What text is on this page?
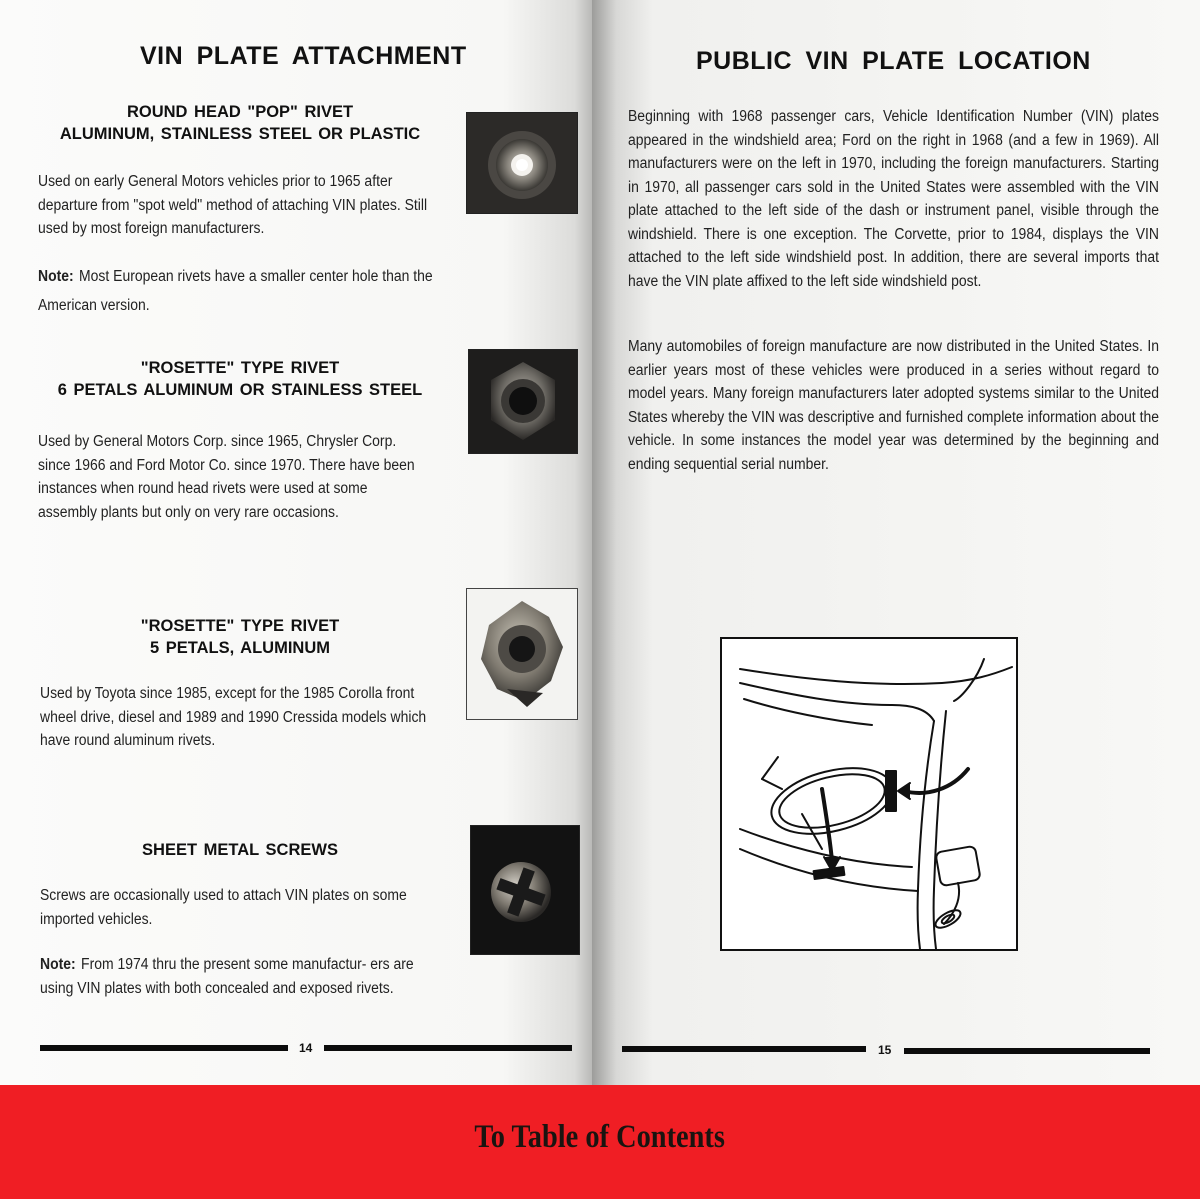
VIN PLATE ATTACHMENT
ROUND HEAD "POP" RIVET
ALUMINUM, STAINLESS STEEL OR PLASTIC
Used on early General Motors vehicles prior to 1965 after departure from "spot weld" method of attaching VIN plates. Still used by most foreign manufacturers.
Note: Most European rivets have a smaller center hole than the American version.
"ROSETTE" TYPE RIVET
6 PETALS ALUMINUM OR STAINLESS STEEL
Used by General Motors Corp. since 1965, Chrysler Corp. since 1966 and Ford Motor Co. since 1970. There have been instances when round head rivets were used at some assembly plants but only on very rare occasions.
"ROSETTE" TYPE RIVET
5 PETALS, ALUMINUM
Used by Toyota since 1985, except for the 1985 Corolla front wheel drive, diesel and 1989 and 1990 Cressida models which have round aluminum rivets.
SHEET METAL SCREWS
Screws are occasionally used to attach VIN plates on some imported vehicles.
Note: From 1974 thru the present some manufactur- ers are using VIN plates with both concealed and exposed rivets.
14
PUBLIC VIN PLATE LOCATION
Beginning with 1968 passenger cars, Vehicle Identification Number (VIN) plates appeared in the windshield area; Ford on the right in 1968 (and a few in 1969). All manufacturers were on the left in 1970, including the foreign manufacturers. Starting in 1970, all passenger cars sold in the United States were assembled with the VIN plate attached to the left side of the dash or instrument panel, visible through the windshield. There is one exception. The Corvette, prior to 1984, displays the VIN attached to the left side windshield post. In addition, there are several imports that have the VIN plate affixed to the left side windshield post.
Many automobiles of foreign manufacture are now distributed in the United States. In earlier years most of these vehicles were produced in a series without regard to model years. Many foreign manufacturers later adopted systems similar to the United States whereby the VIN was descriptive and furnished complete information about the vehicle. In some instances the model year was determined by the beginning and ending sequential serial number.
15
To Table of Contents
